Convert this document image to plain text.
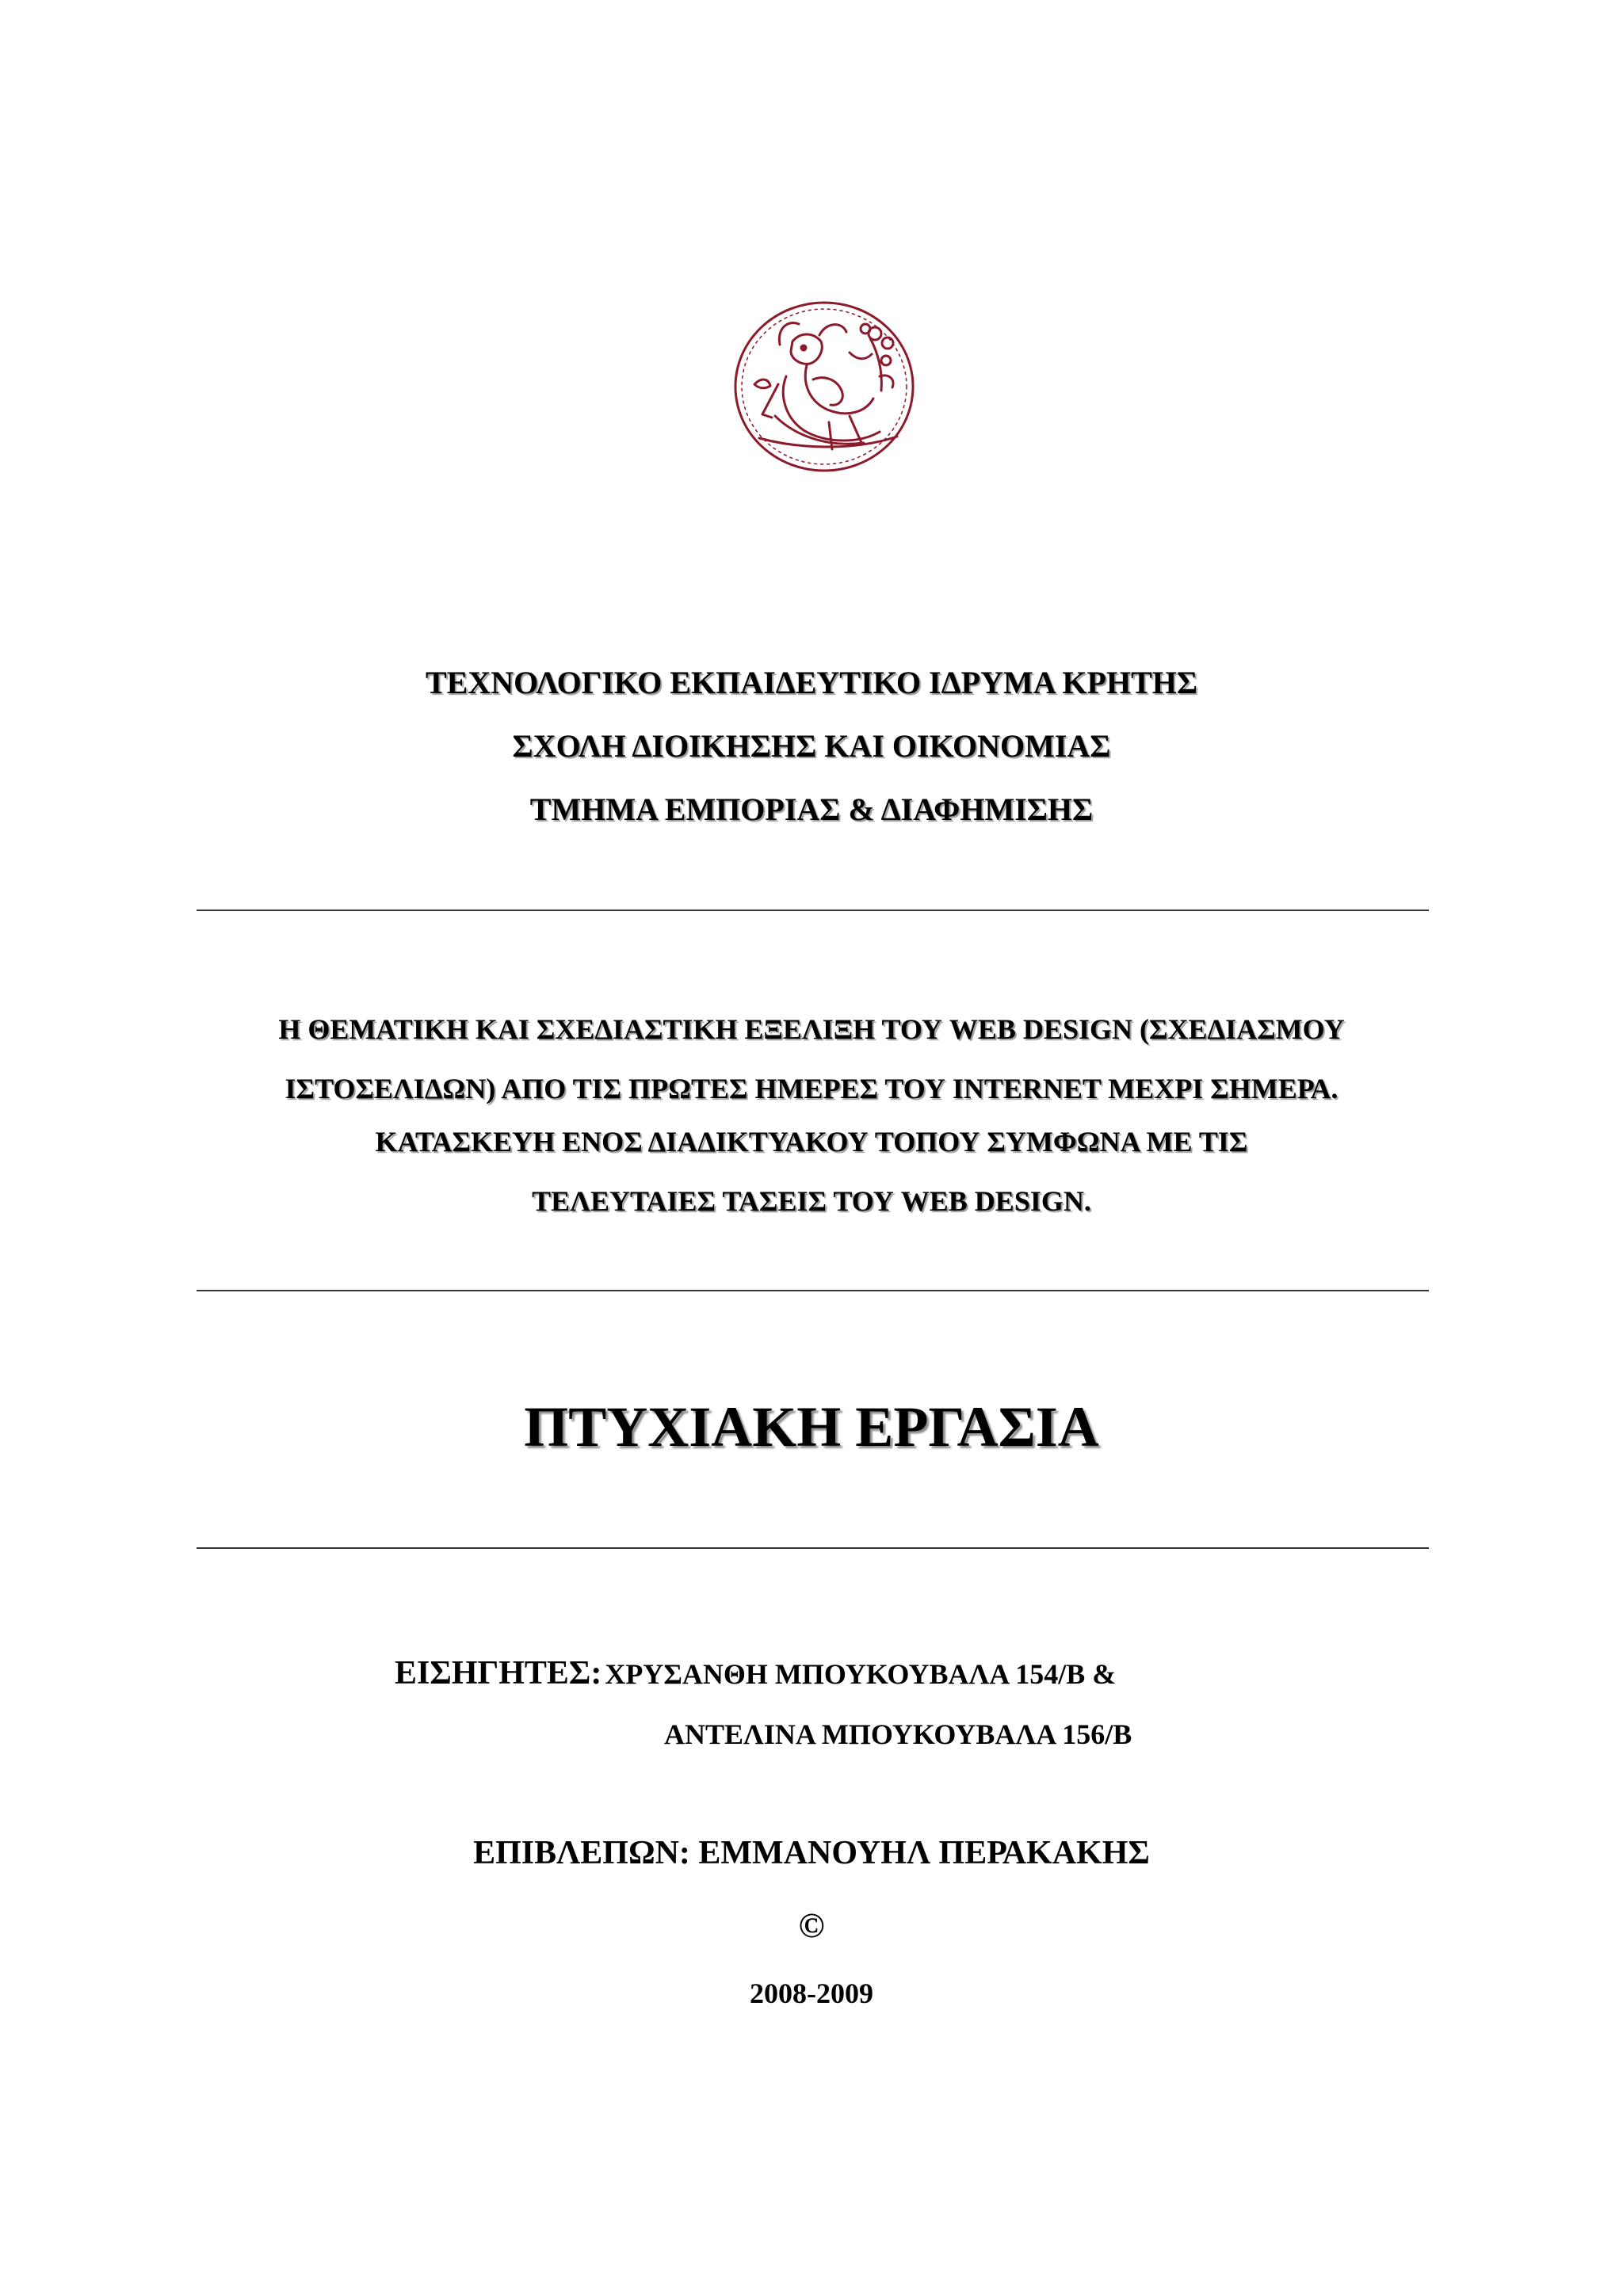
ΤΕΧΝΟΛΟΓΙΚΟ ΕΚΠΑΙΔΕΥΤΙΚΟ ΙΔΡΥΜΑ ΚΡΗΤΗΣ
ΣΧΟΛΗ ΔΙΟΙΚΗΣΗΣ ΚΑΙ ΟΙΚΟΝΟΜΙΑΣ
ΤΜΗΜΑ ΕΜΠΟΡΙΑΣ & ΔΙΑΦΗΜΙΣΗΣ
Η ΘΕΜΑΤΙΚΗ ΚΑΙ ΣΧΕΔΙΑΣΤΙΚΗ ΕΞΕΛΙΞΗ ΤΟΥ WEB DESIGN (ΣΧΕΔΙΑΣΜΟΥ
ΙΣΤΟΣΕΛΙΔΩΝ) ΑΠΟ ΤΙΣ ΠΡΩΤΕΣ ΗΜΕΡΕΣ ΤΟΥ INTERNET ΜΕΧΡΙ ΣΗΜΕΡΑ.
ΚΑΤΑΣΚΕΥΗ ΕΝΟΣ ΔΙΑΔΙΚΤΥΑΚΟΥ ΤΟΠΟΥ ΣΥΜΦΩΝΑ ΜΕ ΤΙΣ
ΤΕΛΕΥΤΑΙΕΣ ΤΑΣΕΙΣ ΤΟΥ WEB DESIGN.
ΠΤΥΧΙΑΚΗ ΕΡΓΑΣΙΑ
ΕΙΣΗΓΗΤΕΣ: ΧΡΥΣΑΝΘΗ ΜΠΟΥΚΟΥΒΑΛΑ 154/Β &
ΑΝΤΕΛΙΝΑ ΜΠΟΥΚΟΥΒΑΛΑ 156/Β
ΕΠΙΒΛΕΠΩΝ: ΕΜΜΑΝΟΥΗΛ ΠΕΡΑΚΑΚΗΣ
©
2008-2009
